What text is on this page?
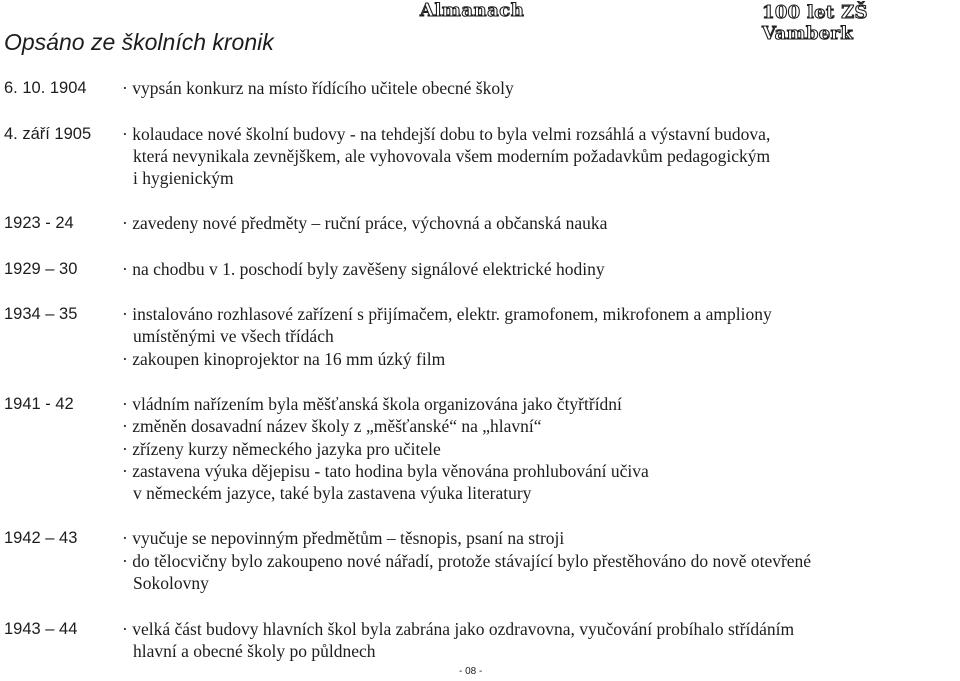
Almanach	100 let ZŠ Vamberk
Opsáno ze školních kronik
6. 10. 1904 · vypsán konkurz na místo řídícího učitele obecné školy
4. září 1905 · kolaudace nové školní budovy - na tehdejší dobu to byla velmi rozsáhlá a výstavní budova,
která nevynikala zevnějškem, ale vyhovovala všem moderním požadavkům pedagogickým
i hygienickým
1923 - 24	· zavedeny nové předměty – ruční práce, výchovná a občanská nauka
1929 – 30	· na chodbu v 1. poschodí byly zavěšeny signálové elektrické hodiny
1934 – 35	· instalováno rozhlasové zařízení s přijímačem, elektr. gramofonem, mikrofonem a ampliony
umístěnými ve všech třídách
· zakoupen kinoprojektor na 16 mm úzký film
1941 - 42	· vládním nařízením byla měšťanská škola organizována jako čtyřtřídní
· změněn dosavadní název školy z „měšťanské“ na „hlavní“
· zřízeny kurzy německého jazyka pro učitele
· zastavena výuka dějepisu - tato hodina byla věnována prohlubování učiva
v německém jazyce, také byla zastavena výuka literatury
1942 – 43	· vyučuje se nepovinným předmětům – těsnopis, psaní na stroji
· do tělocvičny bylo zakoupeno nové nářadí, protože stávající bylo přestěhováno do nově otevřené
Sokolovny
1943 – 44	· velká část budovy hlavních škol byla zabrána jako ozdravovna, vyučování probíhalo střídáním
hlavní a obecné školy po půldnech
- 08 -
